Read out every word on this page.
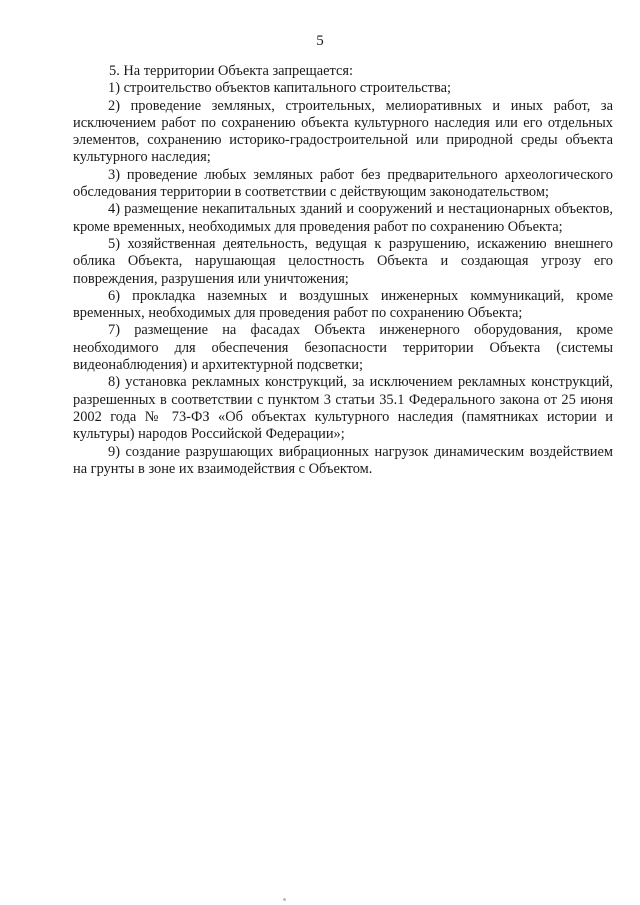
5

5. На территории Объекта запрещается:

1) строительство объектов капитального строительства;

2) проведение земляных, строительных, мелиоративных и иных работ, за исключением работ по сохранению объекта культурного наследия или его отдельных элементов, сохранению историко-градостроительной или природной среды объекта культурного наследия;

3) проведение любых земляных работ без предварительного археологического обследования территории в соответствии с действующим законодательством;

4) размещение некапитальных зданий и сооружений и нестационарных объектов, кроме временных, необходимых для проведения работ по сохранению Объекта;

5) хозяйственная деятельность, ведущая к разрушению, искажению внешнего облика Объекта, нарушающая целостность Объекта и создающая угрозу его повреждения, разрушения или уничтожения;

6) прокладка наземных и воздушных инженерных коммуникаций, кроме временных, необходимых для проведения работ по сохранению Объекта;

7) размещение на фасадах Объекта инженерного оборудования, кроме необходимого для обеспечения безопасности территории Объекта (системы видеонаблюдения) и архитектурной подсветки;

8) установка рекламных конструкций, за исключением рекламных конструкций, разрешенных в соответствии с пунктом 3 статьи 35.1 Федерального закона от 25 июня 2002 года № 73-ФЗ «Об объектах культурного наследия (памятниках истории и культуры) народов Российской Федерации»;

9) создание разрушающих вибрационных нагрузок динамическим воздействием на грунты в зоне их взаимодействия с Объектом.
